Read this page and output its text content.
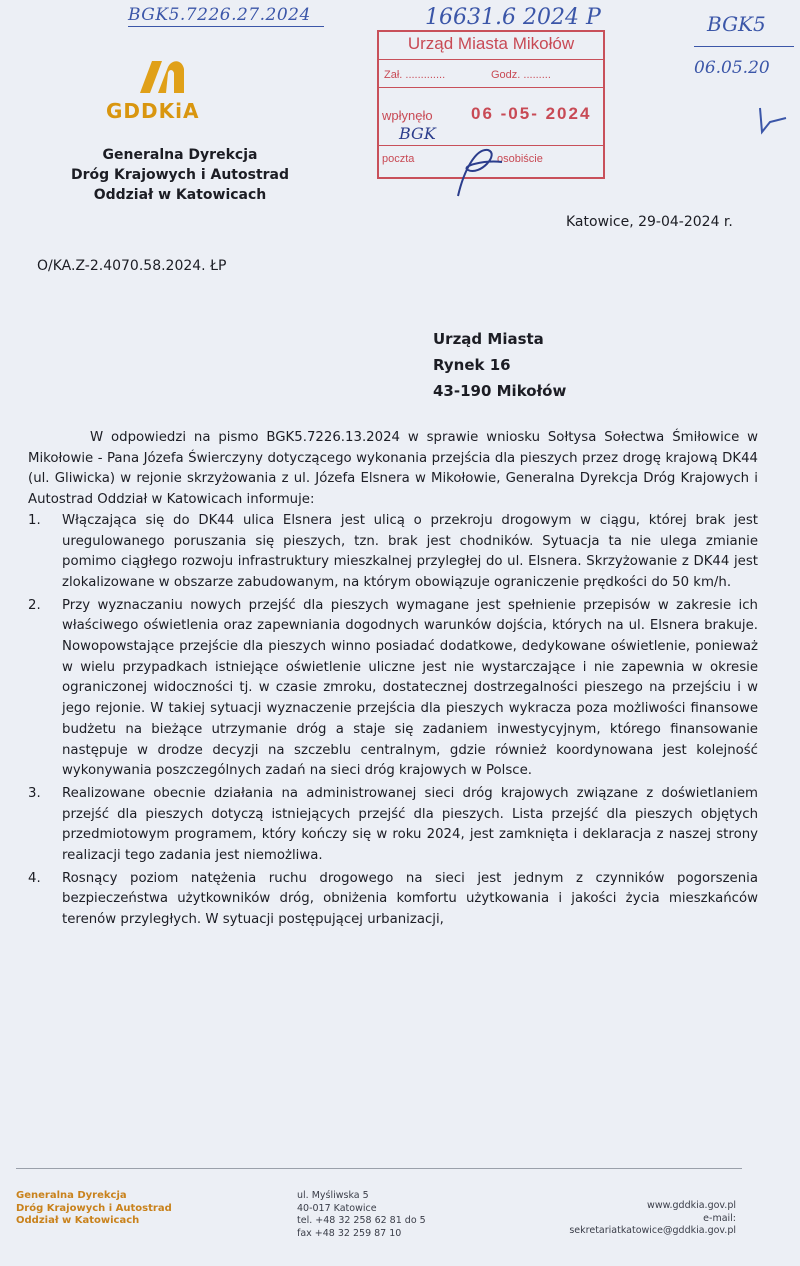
BGK5.7226.27.2024	16631.6 2024 P	BGK5
06.05.20
GDDKiA
Generalna Dyrekcja
Dróg Krajowych i Autostrad
Oddział w Katowicach
Urząd Miasta Mikołów
Zał. .............	Godz. .........
wpłynęło 06 -05- 2024
BGK
poczta	osobiście
Katowice, 29-04-2024 r.
O/KA.Z-2.4070.58.2024. ŁP
Urząd Miasta
Rynek 16
43-190 Mikołów

W odpowiedzi na pismo BGK5.7226.13.2024 w sprawie wniosku Sołtysa Sołectwa Śmiłowice w Mikołowie - Pana Józefa Świerczyny dotyczącego wykonania przejścia dla pieszych przez drogę krajową DK44 (ul. Gliwicka) w rejonie skrzyżowania z ul. Józefa Elsnera w Mikołowie, Generalna Dyrekcja Dróg Krajowych i Autostrad Oddział w Katowicach informuje:

1. Włączająca się do DK44 ulica Elsnera jest ulicą o przekroju drogowym w ciągu, której brak jest uregulowanego poruszania się pieszych, tzn. brak jest chodników. Sytuacja ta nie ulega zmianie pomimo ciągłego rozwoju infrastruktury mieszkalnej przyległej do ul. Elsnera. Skrzyżowanie z DK44 jest zlokalizowane w obszarze zabudowanym, na którym obowiązuje ograniczenie prędkości do 50 km/h.
2. Przy wyznaczaniu nowych przejść dla pieszych wymagane jest spełnienie przepisów w zakresie ich właściwego oświetlenia oraz zapewniania dogodnych warunków dojścia, których na ul. Elsnera brakuje. Nowopowstające przejście dla pieszych winno posiadać dodatkowe, dedykowane oświetlenie, ponieważ w wielu przypadkach istniejące oświetlenie uliczne jest nie wystarczające i nie zapewnia w okresie ograniczonej widoczności tj. w czasie zmroku, dostatecznej dostrzegalności pieszego na przejściu i w jego rejonie. W takiej sytuacji wyznaczenie przejścia dla pieszych wykracza poza możliwości finansowe budżetu na bieżące utrzymanie dróg a staje się zadaniem inwestycyjnym, którego finansowanie następuje w drodze decyzji na szczeblu centralnym, gdzie również koordynowana jest kolejność wykonywania poszczególnych zadań na sieci dróg krajowych w Polsce.
3. Realizowane obecnie działania na administrowanej sieci dróg krajowych związane z doświetlaniem przejść dla pieszych dotyczą istniejących przejść dla pieszych. Lista przejść dla pieszych objętych przedmiotowym programem, który kończy się w roku 2024, jest zamknięta i deklaracja z naszej strony realizacji tego zadania jest niemożliwa.
4. Rosnący poziom natężenia ruchu drogowego na sieci jest jednym z czynników pogorszenia bezpieczeństwa użytkowników dróg, obniżenia komfortu użytkowania i jakości życia mieszkańców terenów przyległych. W sytuacji postępującej urbanizacji,
Generalna Dyrekcja
Dróg Krajowych i Autostrad
Oddział w Katowicach
ul. Myśliwska 5
40-017 Katowice
tel. +48 32 258 62 81 do 5
fax +48 32 259 87 10
www.gddkia.gov.pl
e-mail: sekretariatkatowice@gddkia.gov.pl
